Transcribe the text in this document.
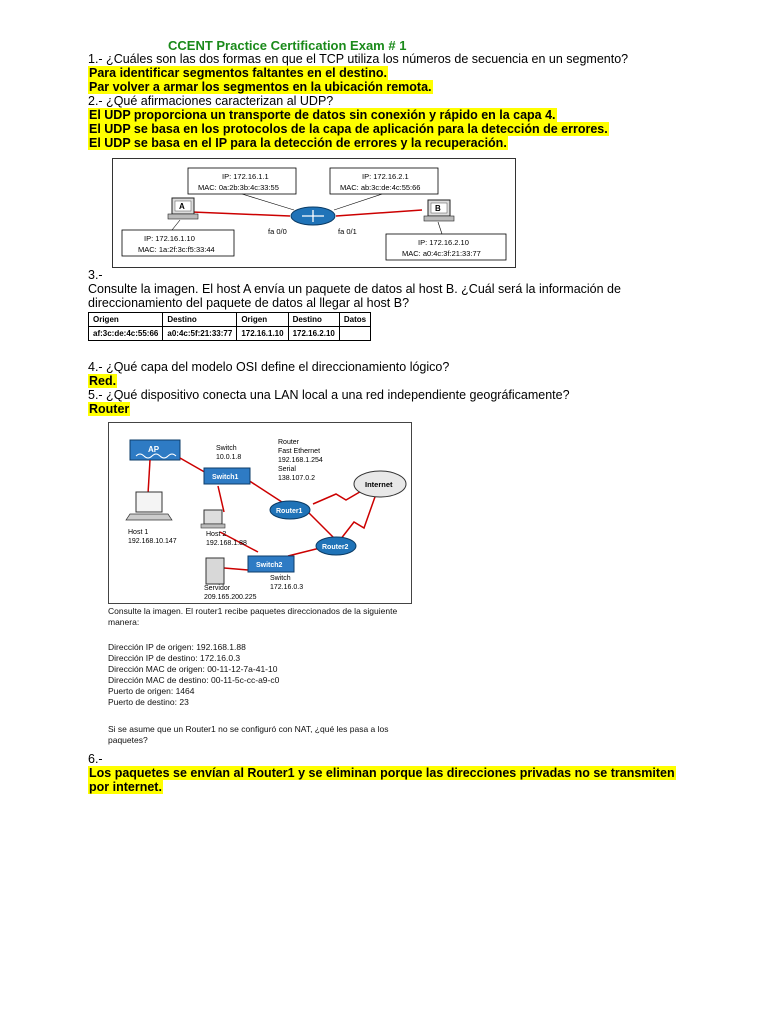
CCENT Practice Certification Exam # 1
1.- ¿Cuáles son las dos formas en que el TCP utiliza los números de secuencia en un segmento?
Para identificar segmentos faltantes en el destino.
Par volver a armar los segmentos en la ubicación remota.
2.- ¿Qué afirmaciones caracterizan al UDP?
El UDP proporciona un transporte de datos sin conexión y rápido en la capa 4.
El UDP se basa en los protocolos de la capa de aplicación para la detección de errores.
El UDP se basa en el IP para la detección de errores y la recuperación.
IP: 172.16.1.1
MAC: 0a:2b:3b:4c:33:55
IP: 172.16.2.1
MAC: ab:3c:de:4c:55:66
fa 0/0	fa 0/1
A	B
IP: 172.16.1.10
MAC: 1a:2f:3c:f5:33:44
IP: 172.16.2.10
MAC: a0:4c:3f:21:33:77
3.-
Consulte la imagen. El host A envía un paquete de datos al host B. ¿Cuál será la información de
direccionamiento del paquete de datos al llegar al host B?
Origen	Destino	Origen	Destino	Datos
af:3c:de:4c:55:66	a0:4c:5f:21:33:77	172.16.1.10	172.16.2.10	
4.- ¿Qué capa del modelo OSI define el direccionamiento lógico?
Red.
5.- ¿Qué dispositivo conecta una LAN local a una red independiente geográficamente?
Router
AP	Switch
10.0.1.8
Router
Fast Ethernet
192.168.1.254
Serial
138.107.0.2
Switch1
Internet
Router1
Router2
Host 1
192.168.10.147
Host 2
192.168.1.88
Switch2
Switch
172.16.0.3
Servidor
209.165.200.225
Consulte la imagen. El router1 recibe paquetes direccionados de la siguiente
manera:
Dirección IP de origen: 192.168.1.88
Dirección IP de destino: 172.16.0.3
Dirección MAC de origen: 00-11-12-7a-41-10
Dirección MAC de destino: 00-11-5c-cc-a9-c0
Puerto de origen: 1464
Puerto de destino: 23
Si se asume que un Router1 no se configuró con NAT, ¿qué les pasa a los
paquetes?
6.-
Los paquetes se envían al Router1 y se eliminan porque las direcciones privadas no se transmiten
por internet.
